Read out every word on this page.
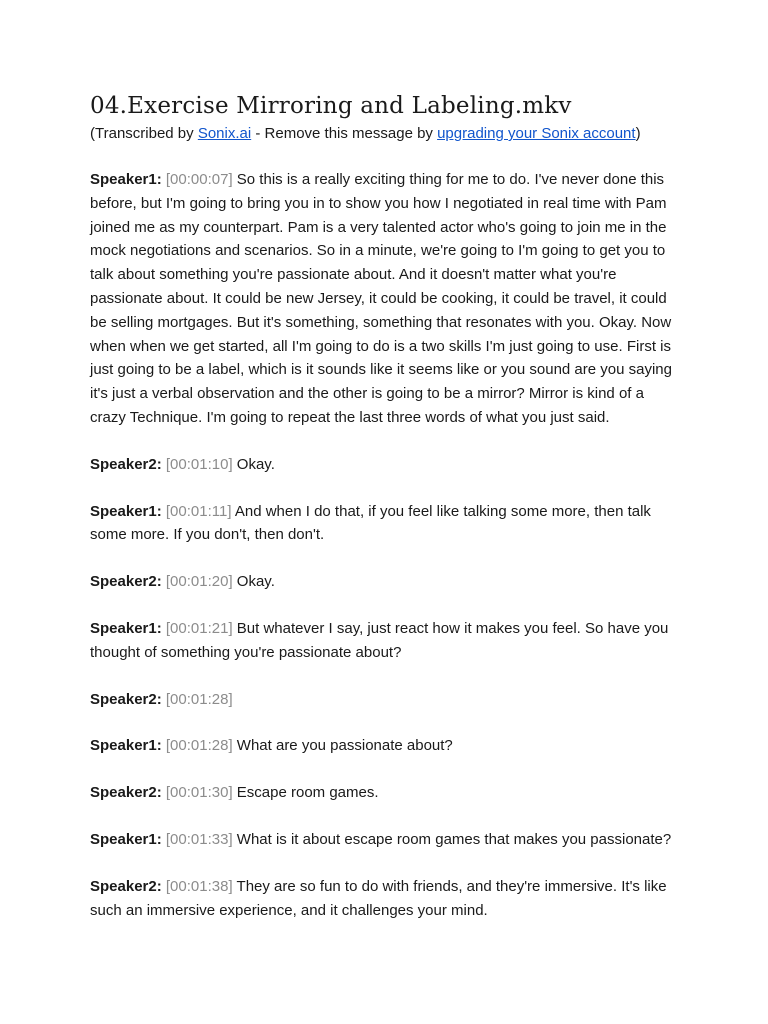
04.Exercise Mirroring and Labeling.mkv

(Transcribed by Sonix.ai - Remove this message by upgrading your Sonix account)

Speaker1: [00:00:07] So this is a really exciting thing for me to do. I've never done this before, but I'm going to bring you in to show you how I negotiated in real time with Pam joined me as my counterpart. Pam is a very talented actor who's going to join me in the mock negotiations and scenarios. So in a minute, we're going to I'm going to get you to talk about something you're passionate about. And it doesn't matter what you're passionate about. It could be new Jersey, it could be cooking, it could be travel, it could be selling mortgages. But it's something, something that resonates with you. Okay. Now when when we get started, all I'm going to do is a two skills I'm just going to use. First is just going to be a label, which is it sounds like it seems like or you sound are you saying it's just a verbal observation and the other is going to be a mirror? Mirror is kind of a crazy Technique. I'm going to repeat the last three words of what you just said.

Speaker2: [00:01:10] Okay.

Speaker1: [00:01:11] And when I do that, if you feel like talking some more, then talk some more. If you don't, then don't.

Speaker2: [00:01:20] Okay.

Speaker1: [00:01:21] But whatever I say, just react how it makes you feel. So have you thought of something you're passionate about?

Speaker2: [00:01:28]

Speaker1: [00:01:28] What are you passionate about?

Speaker2: [00:01:30] Escape room games.

Speaker1: [00:01:33] What is it about escape room games that makes you passionate?

Speaker2: [00:01:38] They are so fun to do with friends, and they're immersive. It's like such an immersive experience, and it challenges your mind.
